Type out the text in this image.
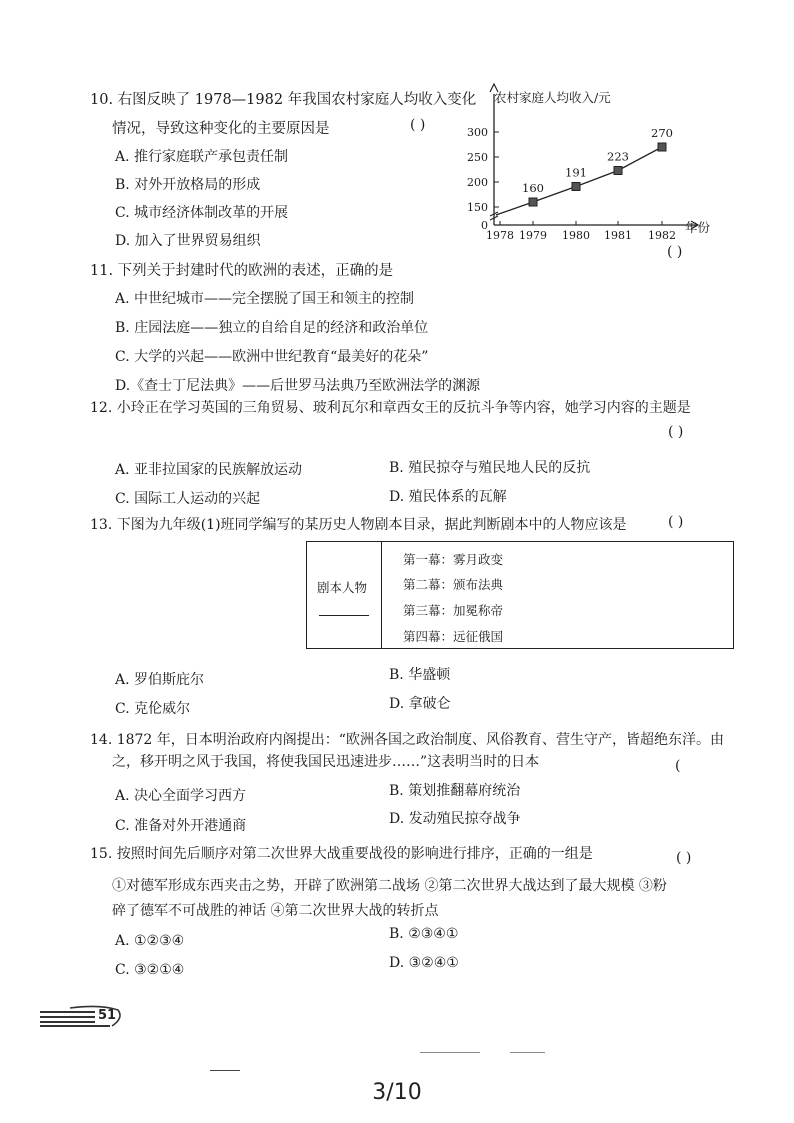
10. 右图反映了 1978—1982 年我国农村家庭人均收入变化
情况，导致这种变化的主要原因是	( )
A. 推行家庭联产承包责任制
B. 对外开放格局的形成
C. 城市经济体制改革的开展
D. 加入了世界贸易组织
农村家庭人均收入/元
年份
0
150
200
250
300
1978 1979 1980 1981 1982
160
191
223
270
11. 下列关于封建时代的欧洲的表述，正确的是
( )
A. 中世纪城市——完全摆脱了国王和领主的控制
B. 庄园法庭——独立的自给自足的经济和政治单位
C. 大学的兴起——欧洲中世纪教育“最美好的花朵”
D.《查士丁尼法典》——后世罗马法典乃至欧洲法学的渊源
12. 小玲正在学习英国的三角贸易、玻利瓦尔和章西女王的反抗斗争等内容，她学习内容的主题是
( )
A. 亚非拉国家的民族解放运动	B. 殖民掠夺与殖民地人民的反抗
C. 国际工人运动的兴起	D. 殖民体系的瓦解
13. 下图为九年级(1)班同学编写的某历史人物剧本目录，据此判断剧本中的人物应该是	( )
剧本人物
第一幕：雾月政变
第二幕：颁布法典
第三幕：加冕称帝
第四幕：远征俄国
A. 罗伯斯庇尔	B. 华盛顿
C. 克伦威尔	D. 拿破仑
14. 1872 年，日本明治政府内阁提出：“欧洲各国之政治制度、风俗教育、营生守产，皆超绝东洋。由
之，移开明之风于我国，将使我国民迅速进步……”这表明当时的日本	(
A. 决心全面学习西方	B. 策划推翻幕府统治
C. 准备对外开港通商	D. 发动殖民掠夺战争
15. 按照时间先后顺序对第二次世界大战重要战役的影响进行排序，正确的一组是	( )
①对德军形成东西夹击之势，开辟了欧洲第二战场 ②第二次世界大战达到了最大规模 ③粉
碎了德军不可战胜的神话 ④第二次世界大战的转折点
A. ①②③④	B. ②③④①
C. ③②①④	D. ③②④①
51
3/10
